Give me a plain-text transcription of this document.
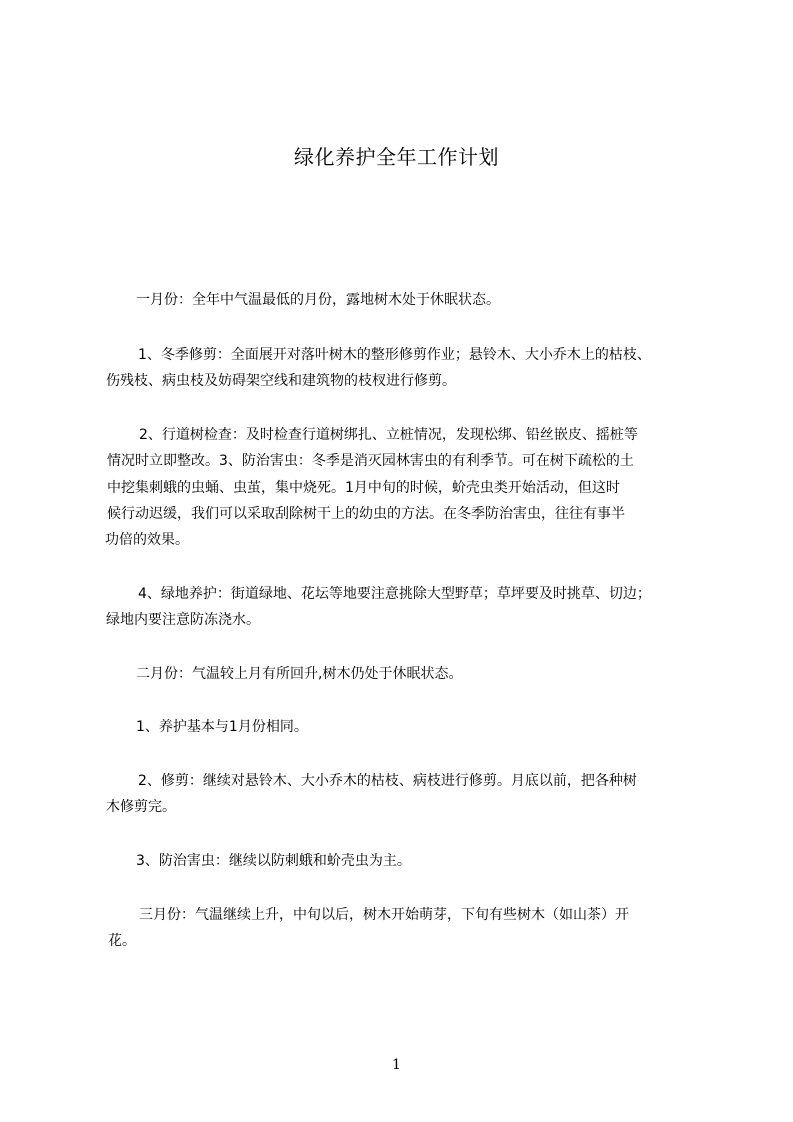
绿化养护全年工作计划
一月份：全年中气温最低的月份，露地树木处于休眠状态。
1、冬季修剪：全面展开对落叶树木的整形修剪作业；悬铃木、大小乔木上的枯枝、
伤残枝、病虫枝及妨碍架空线和建筑物的枝杈进行修剪。
2、行道树检查：及时检查行道树绑扎、立桩情况，发现松绑、铅丝嵌皮、摇桩等
情况时立即整改。3、防治害虫：冬季是消灭园林害虫的有利季节。可在树下疏松的土
中挖集刺蛾的虫蛹、虫茧，集中烧死。1月中旬的时候，蚧壳虫类开始活动，但这时
候行动迟缓，我们可以采取刮除树干上的幼虫的方法。在冬季防治害虫，往往有事半
功倍的效果。
4、绿地养护：街道绿地、花坛等地要注意挑除大型野草；草坪要及时挑草、切边；
绿地内要注意防冻浇水。
二月份：气温较上月有所回升,树木仍处于休眠状态。
1、养护基本与1月份相同。
2、修剪：继续对悬铃木、大小乔木的枯枝、病枝进行修剪。月底以前，把各种树
木修剪完。
3、防治害虫：继续以防刺蛾和蚧壳虫为主。
三月份：气温继续上升，中旬以后，树木开始萌芽，下旬有些树木（如山茶）开
花。
1
